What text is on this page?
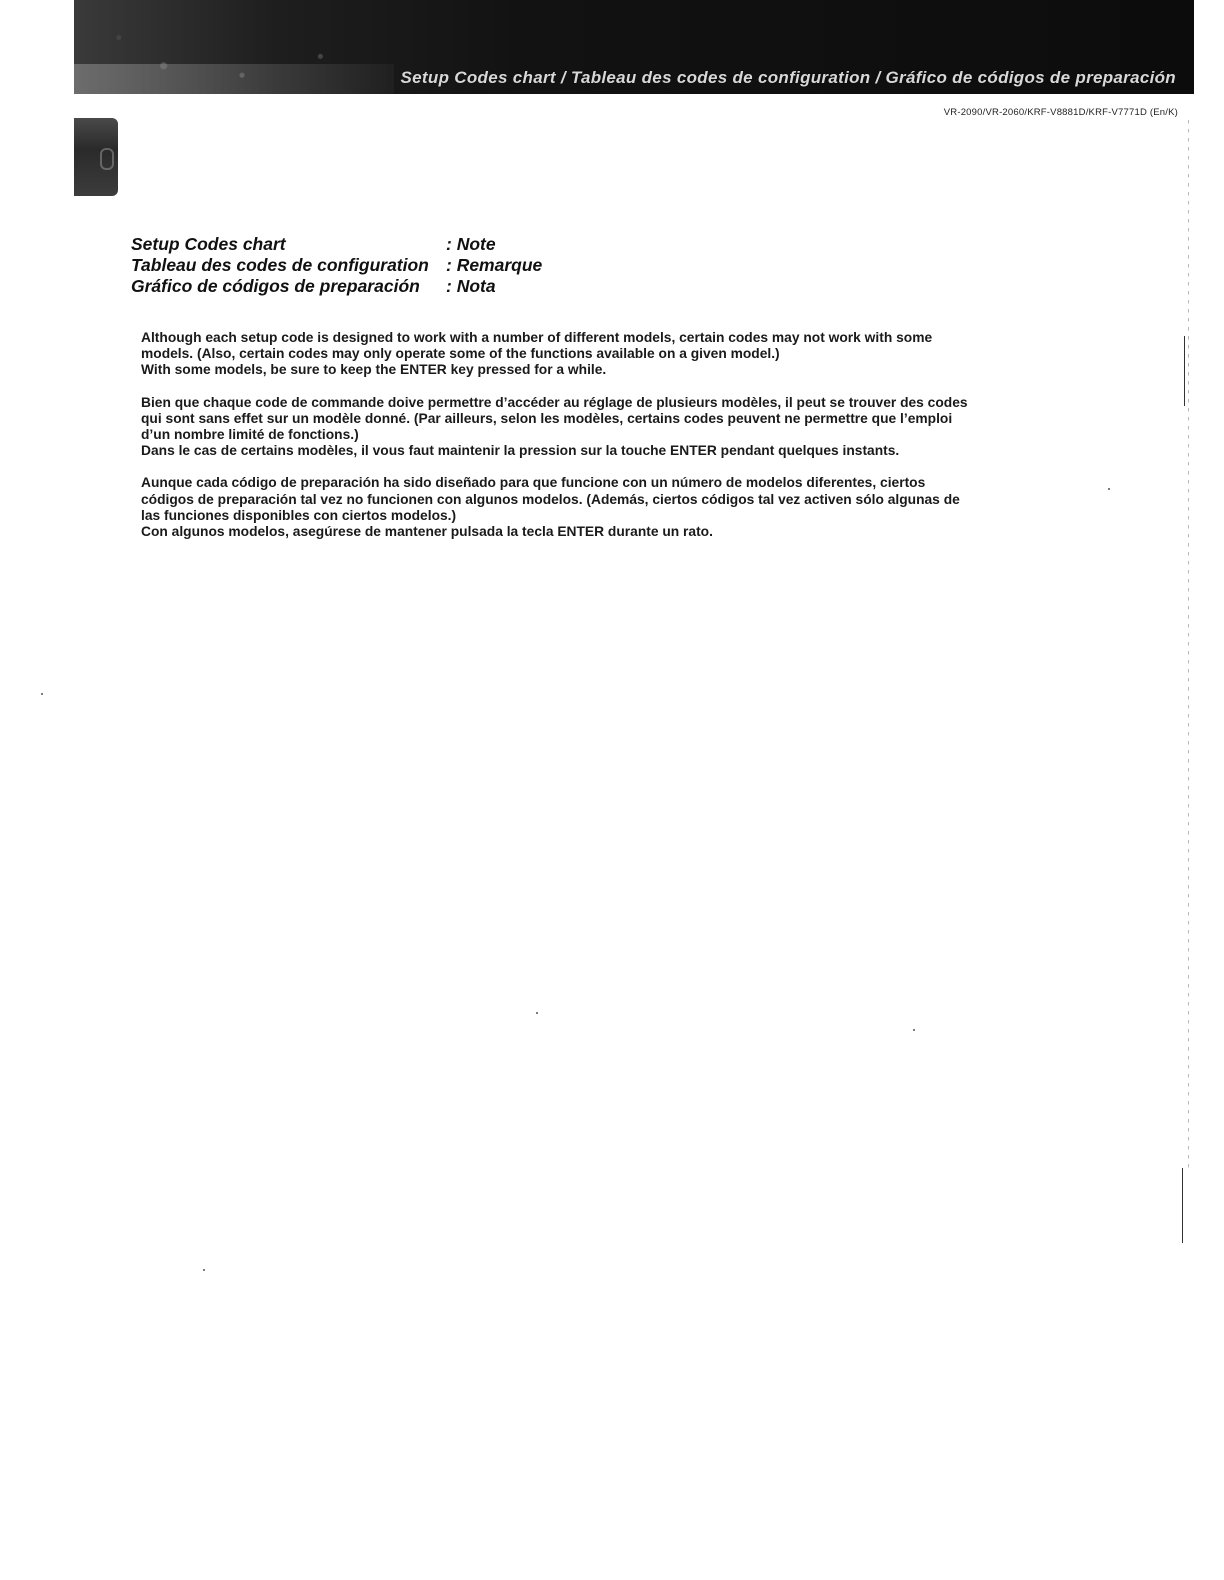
Setup Codes chart / Tableau des codes de configuration / Gráfico de códigos de preparación
VR-2090/VR-2060/KRF-V8881D/KRF-V7771D (En/K)
Setup Codes chart	: Note
Tableau des codes de configuration : Remarque
Gráfico de códigos de preparación	: Nota
Although each setup code is designed to work with a number of different models, certain codes may not work with some
models. (Also, certain codes may only operate some of the functions available on a given model.)
With some models, be sure to keep the ENTER key pressed for a while.
Bien que chaque code de commande doive permettre d’accéder au réglage de plusieurs modèles, il peut se trouver des codes
qui sont sans effet sur un modèle donné. (Par ailleurs, selon les modèles, certains codes peuvent ne permettre que l’emploi
d’un nombre limité de fonctions.)
Dans le cas de certains modèles, il vous faut maintenir la pression sur la touche ENTER pendant quelques instants.
Aunque cada código de preparación ha sido diseñado para que funcione con un número de modelos diferentes, ciertos
códigos de preparación tal vez no funcionen con algunos modelos. (Además, ciertos códigos tal vez activen sólo algunas de
las funciones disponibles con ciertos modelos.)
Con algunos modelos, asegúrese de mantener pulsada la tecla ENTER durante un rato.
